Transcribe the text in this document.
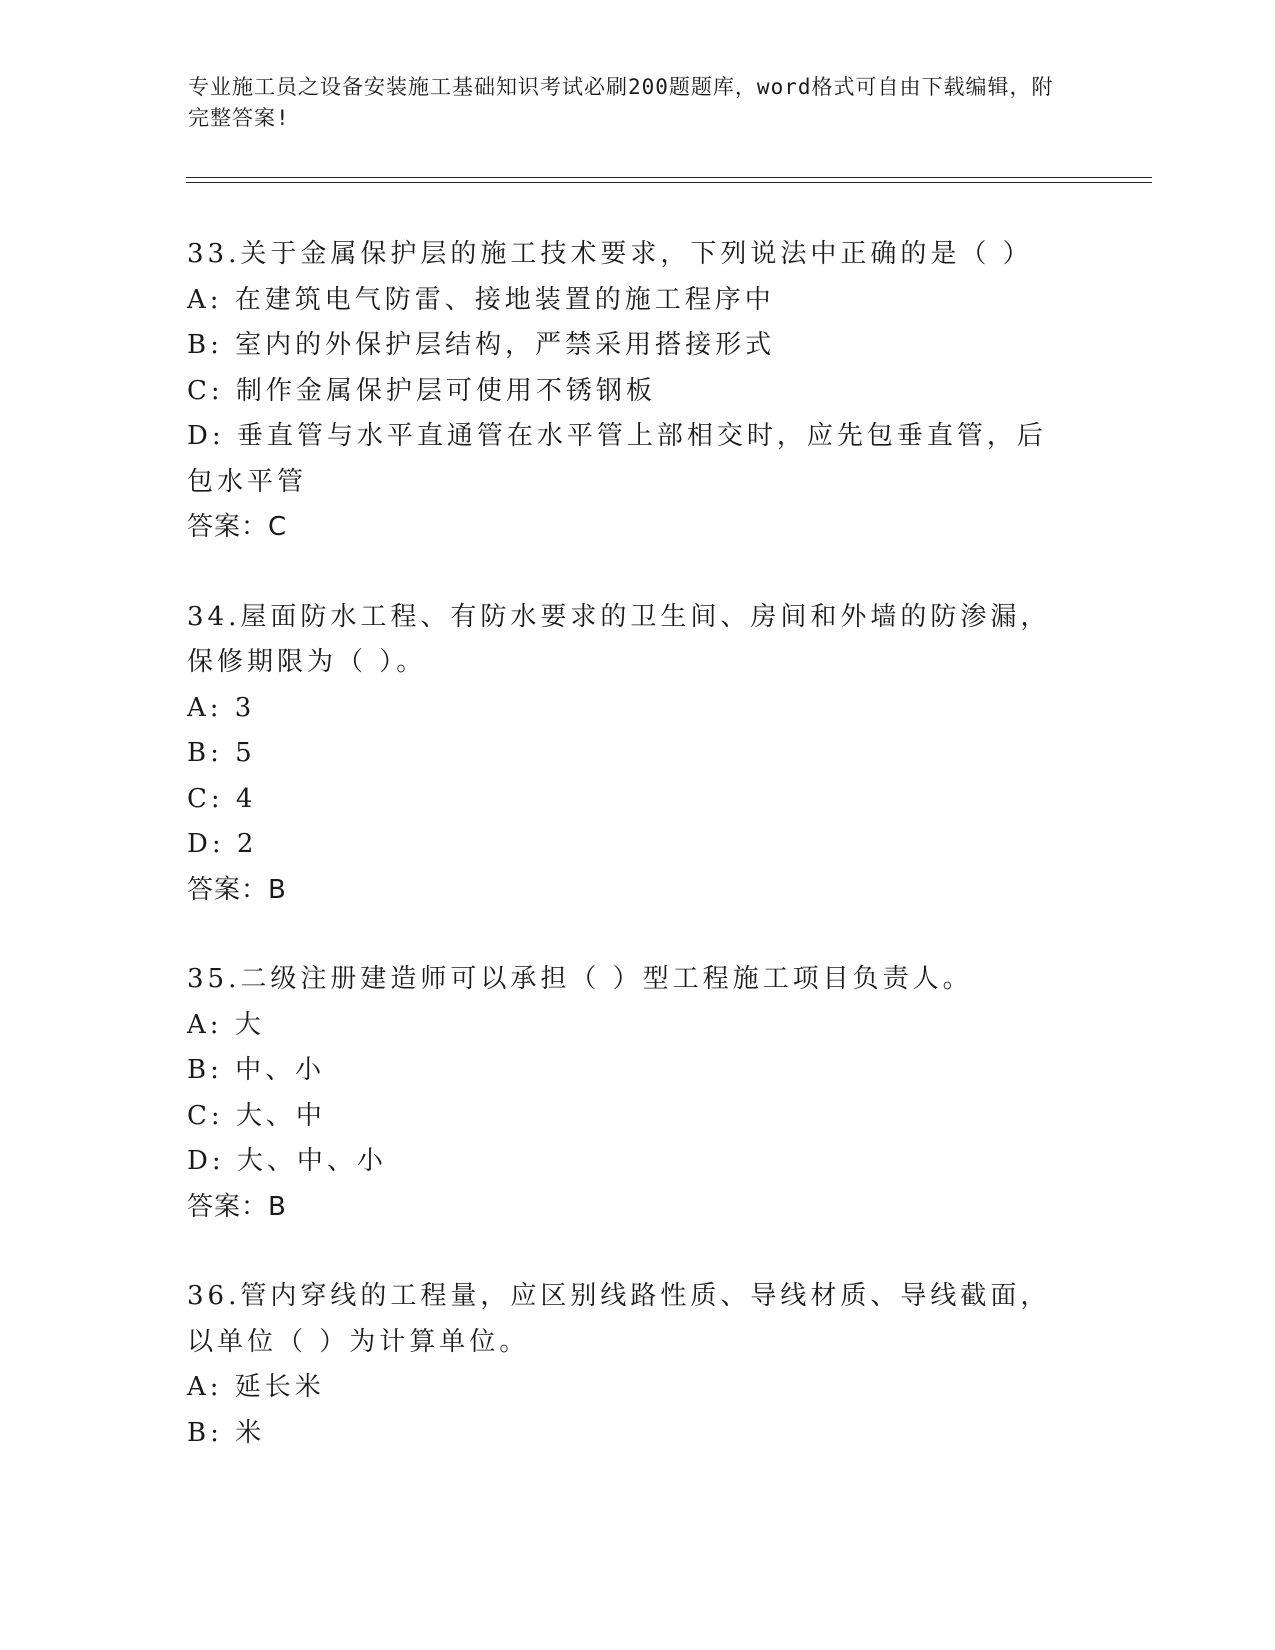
专业施工员之设备安装施工基础知识考试必刷200题题库，word格式可自由下载编辑，附完整答案!
33.关于金属保护层的施工技术要求，下列说法中正确的是（ ）
A: 在建筑电气防雷、接地装置的施工程序中
B: 室内的外保护层结构，严禁采用搭接形式
C: 制作金属保护层可使用不锈钢板
D: 垂直管与水平直通管在水平管上部相交时，应先包垂直管，后包水平管
答案：C
34.屋面防水工程、有防水要求的卫生间、房间和外墙的防渗漏，保修期限为（ ）。
A: 3
B: 5
C: 4
D: 2
答案：B
35.二级注册建造师可以承担（ ）型工程施工项目负责人。
A: 大
B: 中、小
C: 大、中
D: 大、中、小
答案：B
36.管内穿线的工程量，应区别线路性质、导线材质、导线截面，以单位（ ）为计算单位。
A: 延长米
B: 米
